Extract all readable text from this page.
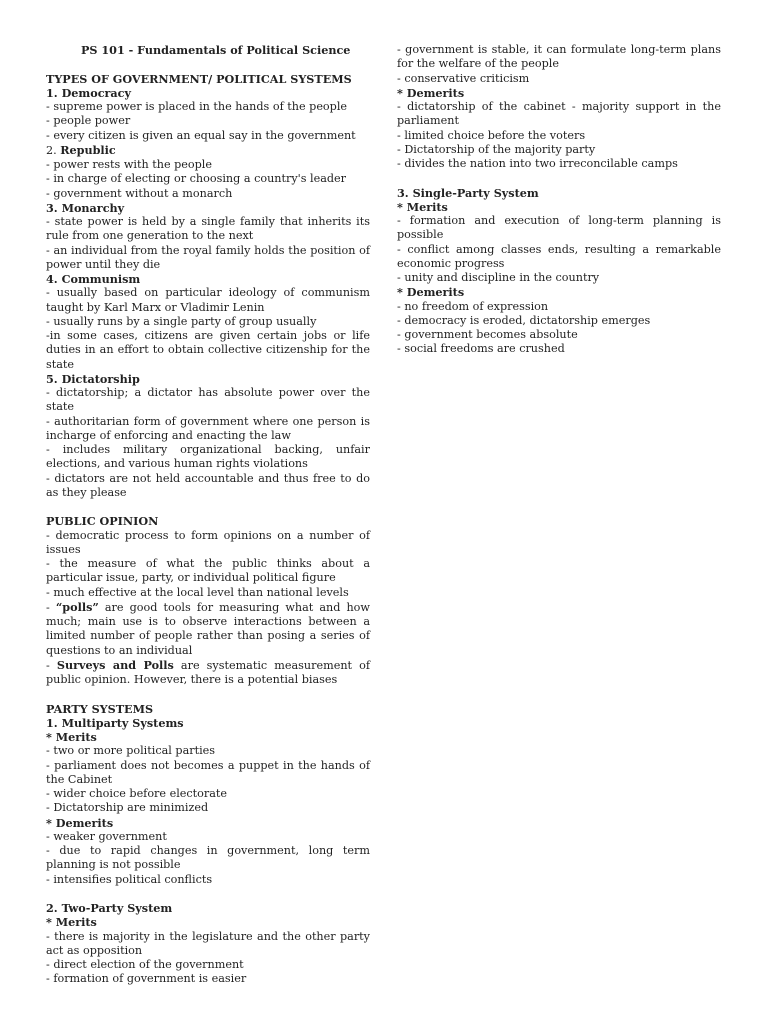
PS 101 - Fundamentals of Political Science

TYPES OF GOVERNMENT/ POLITICAL SYSTEMS

1. Democracy

- supreme power is placed in the hands of the people

- people power

- every citizen is given an equal say in the government

2. Republic

- power rests with the people

- in charge of electing or choosing a country's leader

- government without a monarch

3. Monarchy

- state power is held by a single family that inherits its rule from one generation to the next

- an individual from the royal family holds the position of power until they die

4. Communism

- usually based on particular ideology of communism taught by Karl Marx or Vladimir Lenin

- usually runs by a single party of group usually

-in some cases, citizens are given certain jobs or life duties in an effort to obtain collective citizenship for the state

5. Dictatorship

- dictatorship; a dictator has absolute power over the state

- authoritarian form of government where one person is incharge of enforcing and enacting the law

- includes military organizational backing, unfair elections, and various human rights violations

- dictators are not held accountable and thus free to do as they please

PUBLIC OPINION

- democratic process to form opinions on a number of issues

- the measure of what the public thinks about a particular issue, party, or individual political figure

- much effective at the local level than national levels

- “polls” are good tools for measuring what and how much; main use is to observe interactions between a limited number of people rather than posing a series of questions to an individual

- Surveys and Polls are systematic measurement of public opinion. However, there is a potential biases

PARTY SYSTEMS

1. Multiparty Systems

* Merits

- two or more political parties

- parliament does not becomes a puppet in the hands of the Cabinet

- wider choice before electorate

- Dictatorship are minimized

* Demerits

- weaker government

- due to rapid changes in government, long term planning is not possible

- intensifies political conflicts

2. Two-Party System

* Merits

- there is majority in the legislature and the other party act as opposition

- direct election of the government

- formation of government is easier

- government is stable, it can formulate long-term plans for the welfare of the people

- conservative criticism

* Demerits

- dictatorship of the cabinet - majority support in the parliament

- limited choice before the voters

- Dictatorship of the majority party

- divides the nation into two irreconcilable camps

3. Single-Party System

* Merits

- formation and execution of long-term planning is possible

- conflict among classes ends, resulting a remarkable economic progress

- unity and discipline in the country

* Demerits

- no freedom of expression

- democracy is eroded, dictatorship emerges

- government becomes absolute

- social freedoms are crushed
